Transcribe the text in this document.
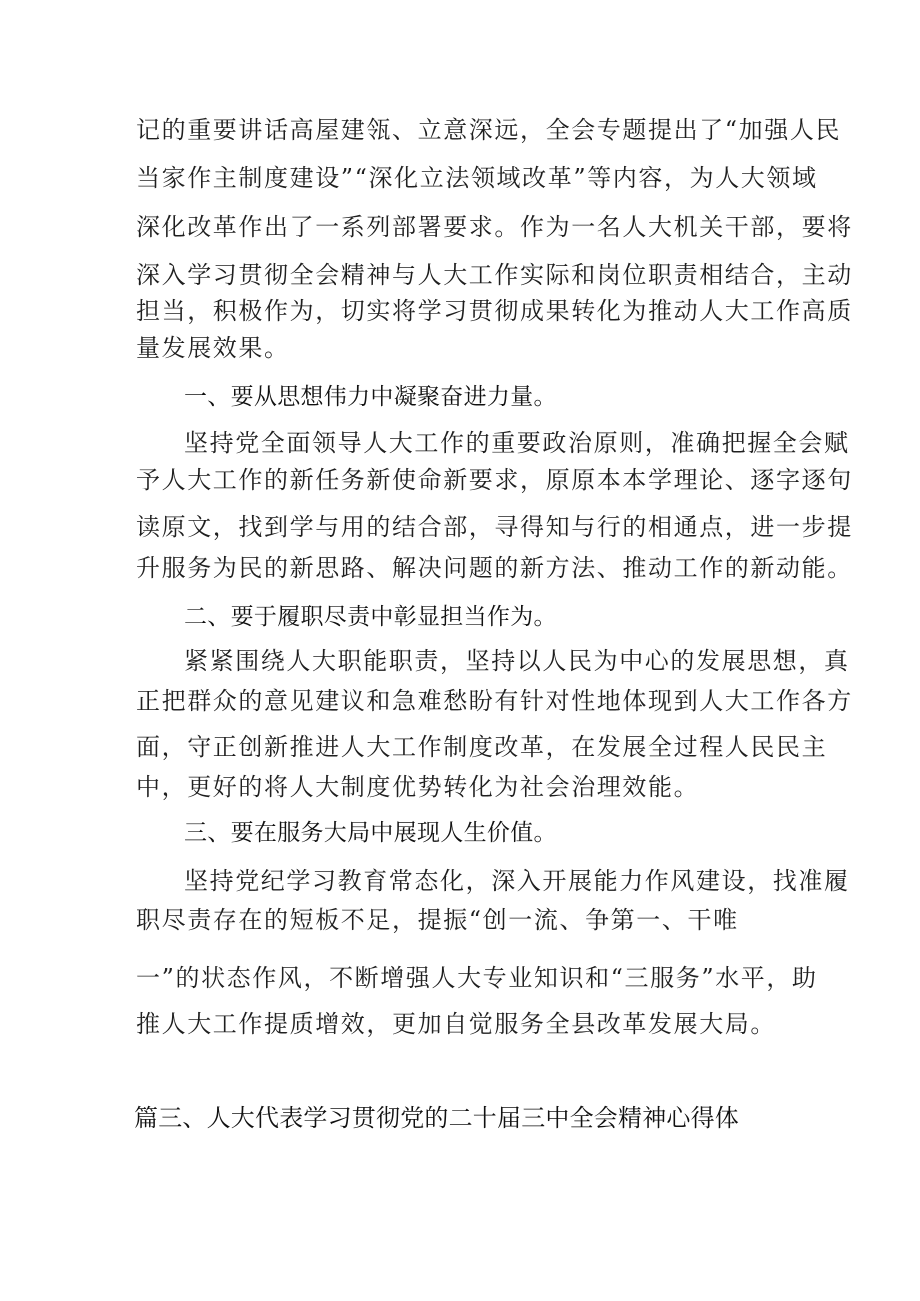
记的重要讲话高屋建瓴、立意深远，全会专题提出了“加强人民
当家作主制度建设”“深化立法领域改革”等内容，为人大领域
深化改革作出了一系列部署要求。作为一名人大机关干部，要将
深入学习贯彻全会精神与人大工作实际和岗位职责相结合，主动
担当，积极作为，切实将学习贯彻成果转化为推动人大工作高质
量发展效果。
一、要从思想伟力中凝聚奋进力量。
坚持党全面领导人大工作的重要政治原则，准确把握全会赋
予人大工作的新任务新使命新要求，原原本本学理论、逐字逐句
读原文，找到学与用的结合部，寻得知与行的相通点，进一步提
升服务为民的新思路、解决问题的新方法、推动工作的新动能。
二、要于履职尽责中彰显担当作为。
紧紧围绕人大职能职责，坚持以人民为中心的发展思想，真
正把群众的意见建议和急难愁盼有针对性地体现到人大工作各方
面，守正创新推进人大工作制度改革，在发展全过程人民民主
中，更好的将人大制度优势转化为社会治理效能。
三、要在服务大局中展现人生价值。
坚持党纪学习教育常态化，深入开展能力作风建设，找准履
职尽责存在的短板不足，提振“创一流、争第一、干唯
一”的状态作风，不断增强人大专业知识和“三服务”水平，助
推人大工作提质增效，更加自觉服务全县改革发展大局。
篇三、人大代表学习贯彻党的二十届三中全会精神心得体
